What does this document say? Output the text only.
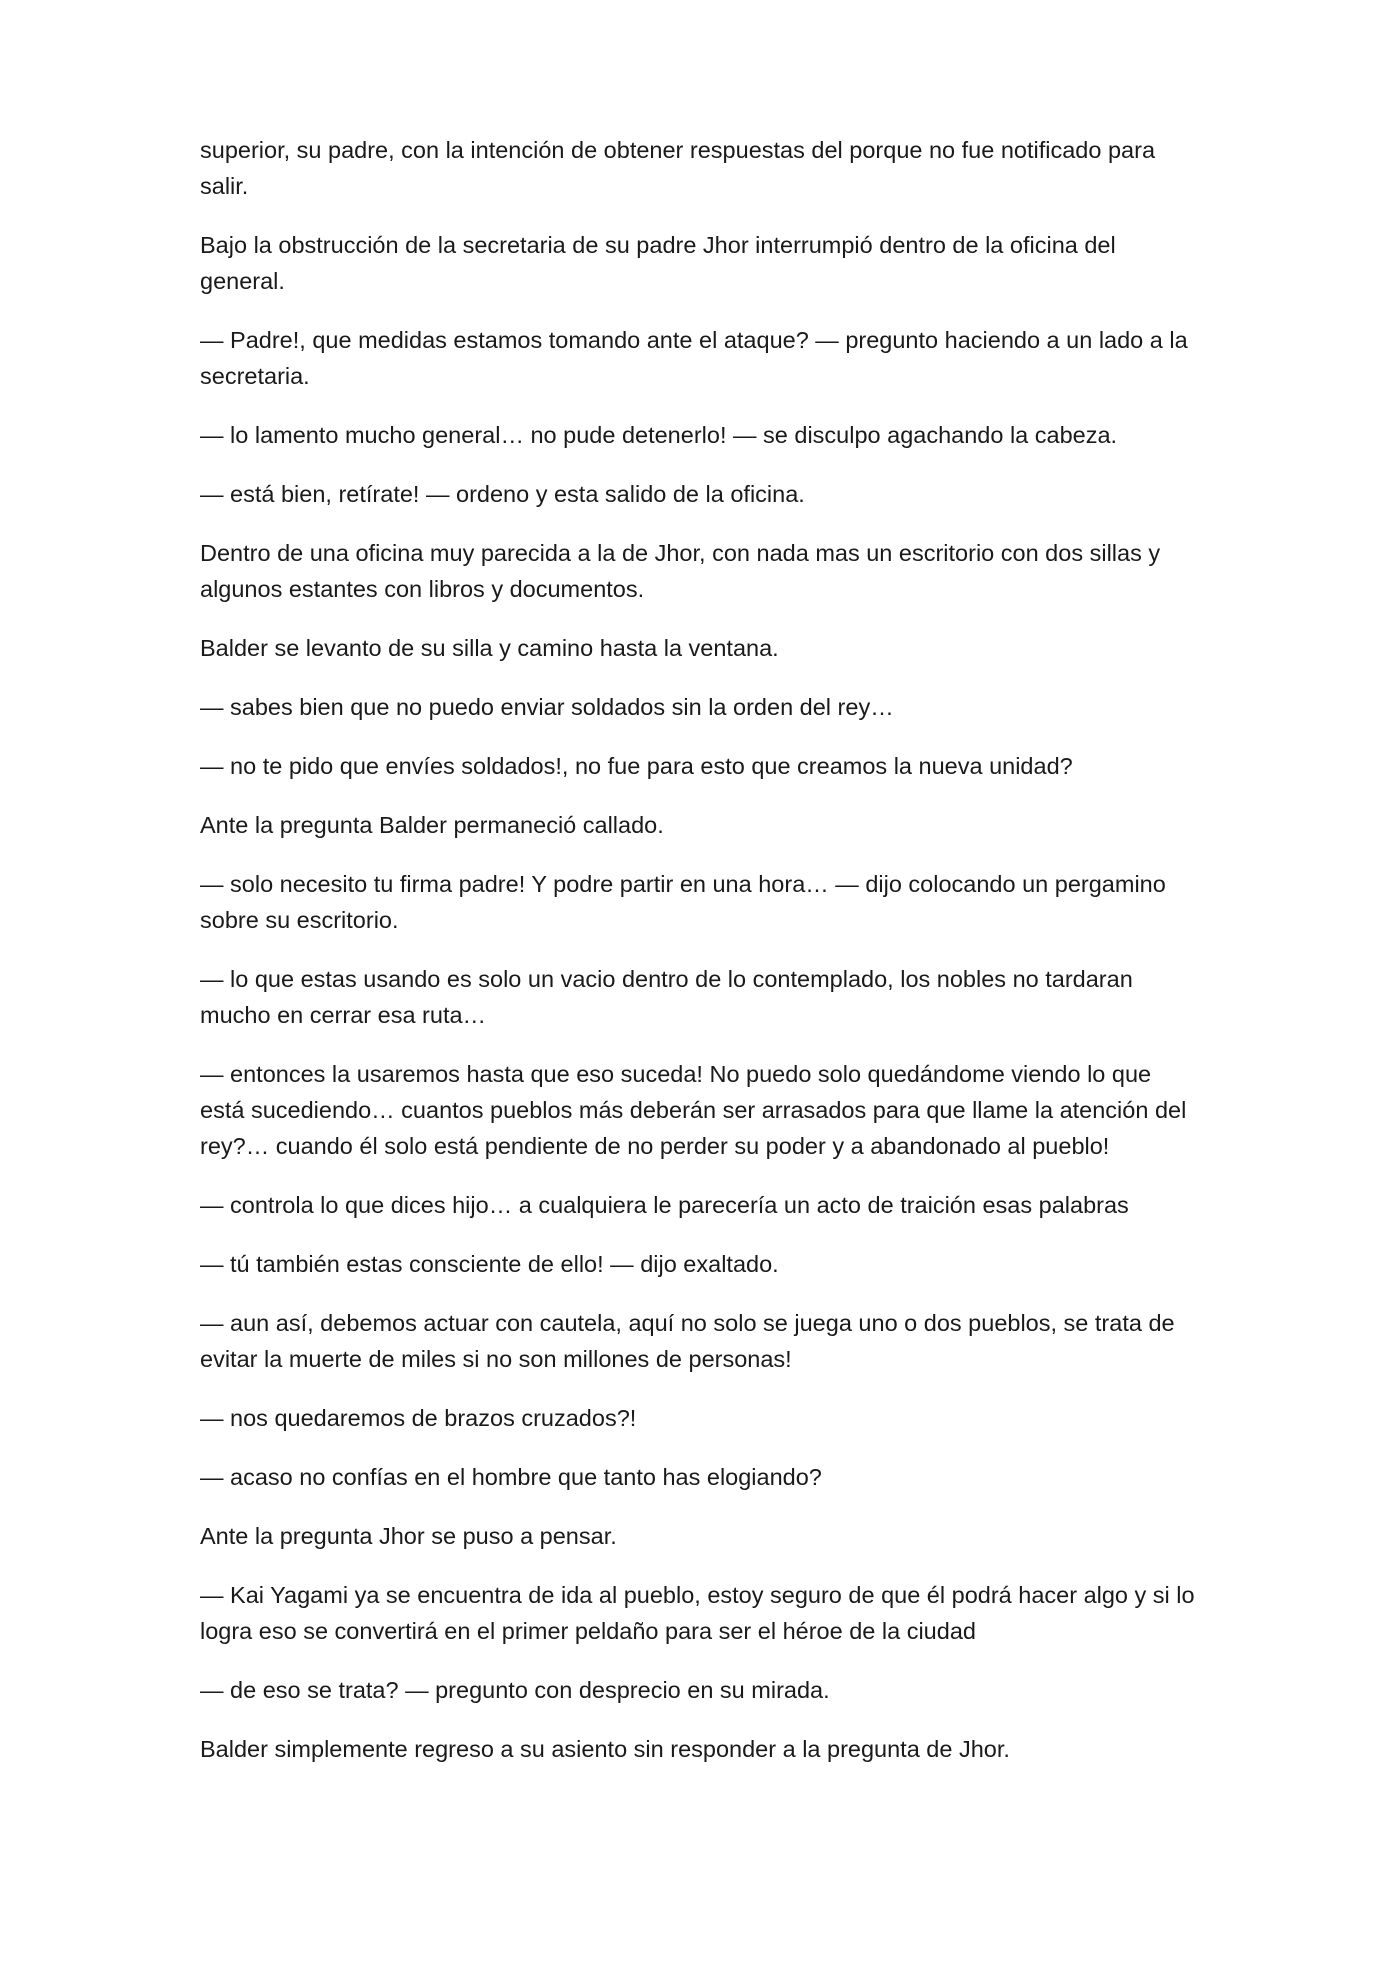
superior, su padre, con la intención de obtener respuestas del porque no fue notificado para salir.

Bajo la obstrucción de la secretaria de su padre Jhor interrumpió dentro de la oficina del general.

— Padre!, que medidas estamos tomando ante el ataque? — pregunto haciendo a un lado a la secretaria.

— lo lamento mucho general… no pude detenerlo! — se disculpo agachando la cabeza.

— está bien, retírate! — ordeno y esta salido de la oficina.

Dentro de una oficina muy parecida a la de Jhor, con nada mas un escritorio con dos sillas y algunos estantes con libros y documentos.

Balder se levanto de su silla y camino hasta la ventana.

— sabes bien que no puedo enviar soldados sin la orden del rey…

— no te pido que envíes soldados!, no fue para esto que creamos la nueva unidad?

Ante la pregunta Balder permaneció callado.

— solo necesito tu firma padre! Y podre partir en una hora… — dijo colocando un pergamino sobre su escritorio.

— lo que estas usando es solo un vacio dentro de lo contemplado, los nobles no tardaran mucho en cerrar esa ruta…

— entonces la usaremos hasta que eso suceda! No puedo solo quedándome viendo lo que está sucediendo… cuantos pueblos más deberán ser arrasados para que llame la atención del rey?… cuando él solo está pendiente de no perder su poder y a abandonado al pueblo!

— controla lo que dices hijo… a cualquiera le parecería un acto de traición esas palabras

— tú también estas consciente de ello! — dijo exaltado.

— aun así, debemos actuar con cautela, aquí no solo se juega uno o dos pueblos, se trata de evitar la muerte de miles si no son millones de personas!

— nos quedaremos de brazos cruzados?!

— acaso no confías en el hombre que tanto has elogiando?

Ante la pregunta Jhor se puso a pensar.

— Kai Yagami ya se encuentra de ida al pueblo, estoy seguro de que él podrá hacer algo y si lo logra eso se convertirá en el primer peldaño para ser el héroe de la ciudad

— de eso se trata? — pregunto con desprecio en su mirada.

Balder simplemente regreso a su asiento sin responder a la pregunta de Jhor.
